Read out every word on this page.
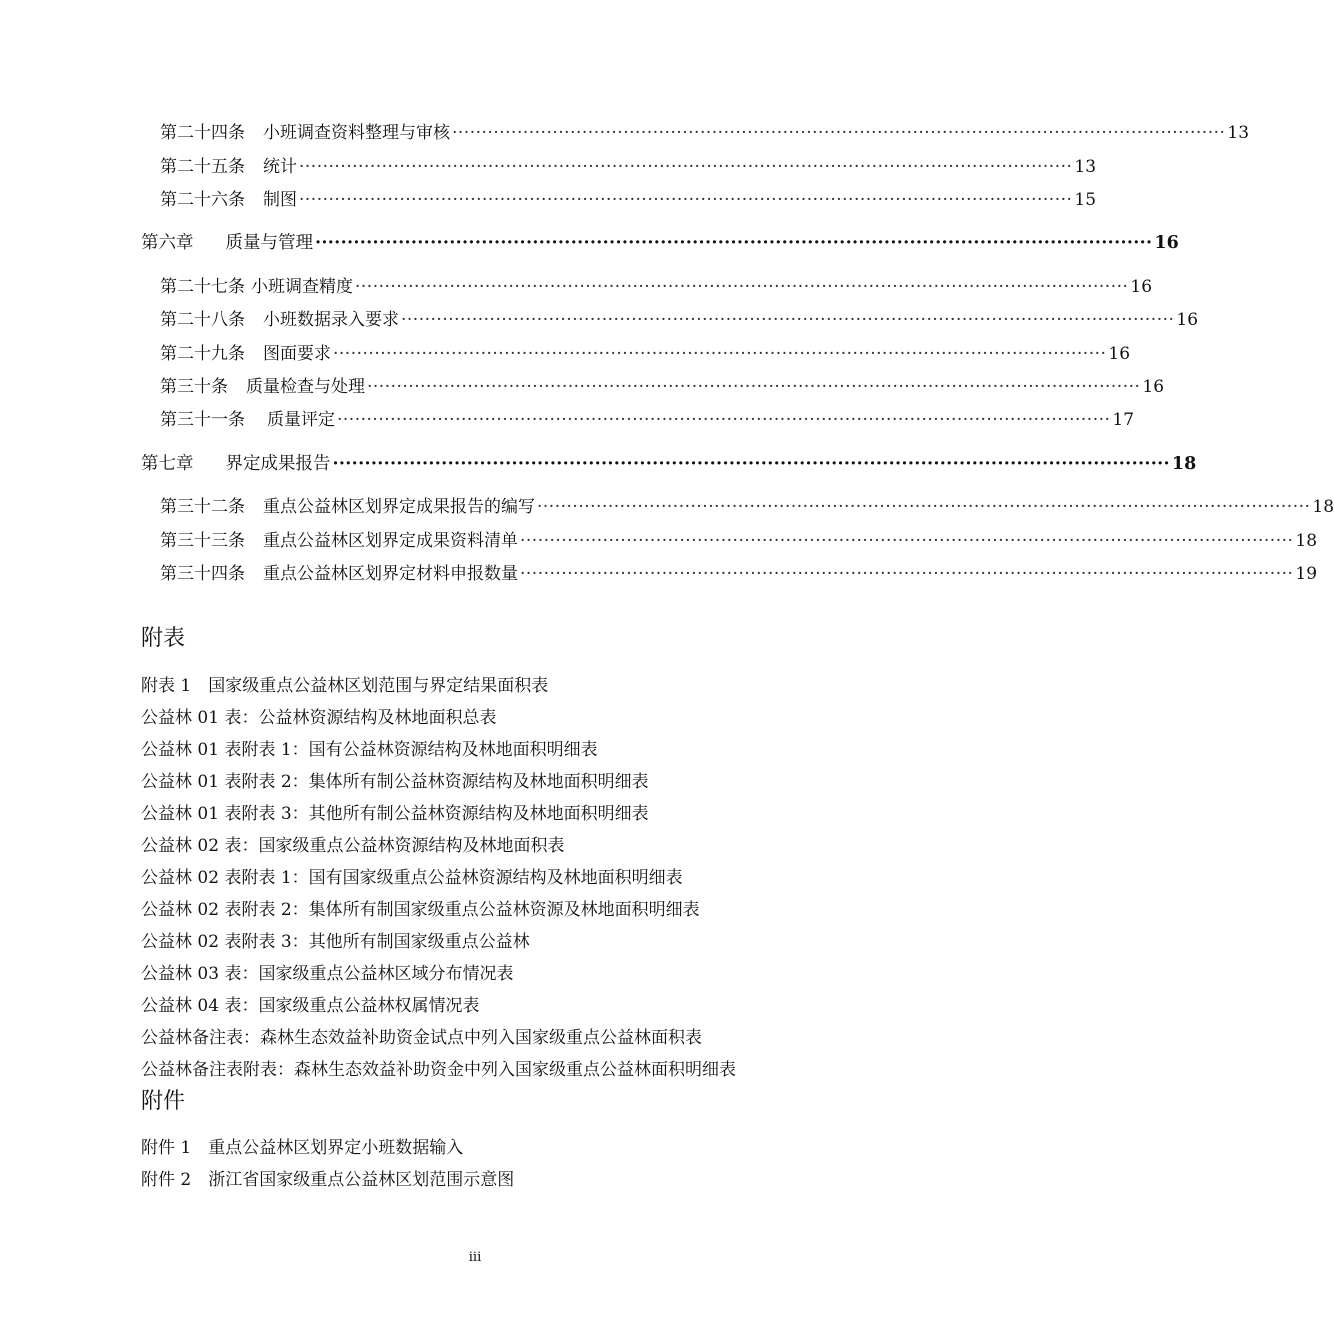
第二十四条 小班调查资料整理与审核 ··································································································································· 13
第二十五条 统计 ··································································································································· 13
第二十六条 制图 ··································································································································· 15
第六章 质量与管理 ··································································································································· 16
第二十七条 小班调查精度 ··································································································································· 16
第二十八条 小班数据录入要求 ··································································································································· 16
第二十九条 图面要求 ··································································································································· 16
第三十条 质量检查与处理 ··································································································································· 16
第三十一条 质量评定 ··································································································································· 17
第七章 界定成果报告 ··································································································································· 18
第三十二条 重点公益林区划界定成果报告的编写 ··································································································································· 18
第三十三条 重点公益林区划界定成果资料清单 ··································································································································· 18
第三十四条 重点公益林区划界定材料申报数量 ··································································································································· 19
附表
附表 1　国家级重点公益林区划范围与界定结果面积表
公益林 01 表：公益林资源结构及林地面积总表
公益林 01 表附表 1：国有公益林资源结构及林地面积明细表
公益林 01 表附表 2：集体所有制公益林资源结构及林地面积明细表
公益林 01 表附表 3：其他所有制公益林资源结构及林地面积明细表
公益林 02 表：国家级重点公益林资源结构及林地面积表
公益林 02 表附表 1：国有国家级重点公益林资源结构及林地面积明细表
公益林 02 表附表 2：集体所有制国家级重点公益林资源及林地面积明细表
公益林 02 表附表 3：其他所有制国家级重点公益林
公益林 03 表：国家级重点公益林区域分布情况表
公益林 04 表：国家级重点公益林权属情况表
公益林备注表：森林生态效益补助资金试点中列入国家级重点公益林面积表
公益林备注表附表：森林生态效益补助资金中列入国家级重点公益林面积明细表
附件
附件 1　重点公益林区划界定小班数据输入
附件 2　浙江省国家级重点公益林区划范围示意图
iii
